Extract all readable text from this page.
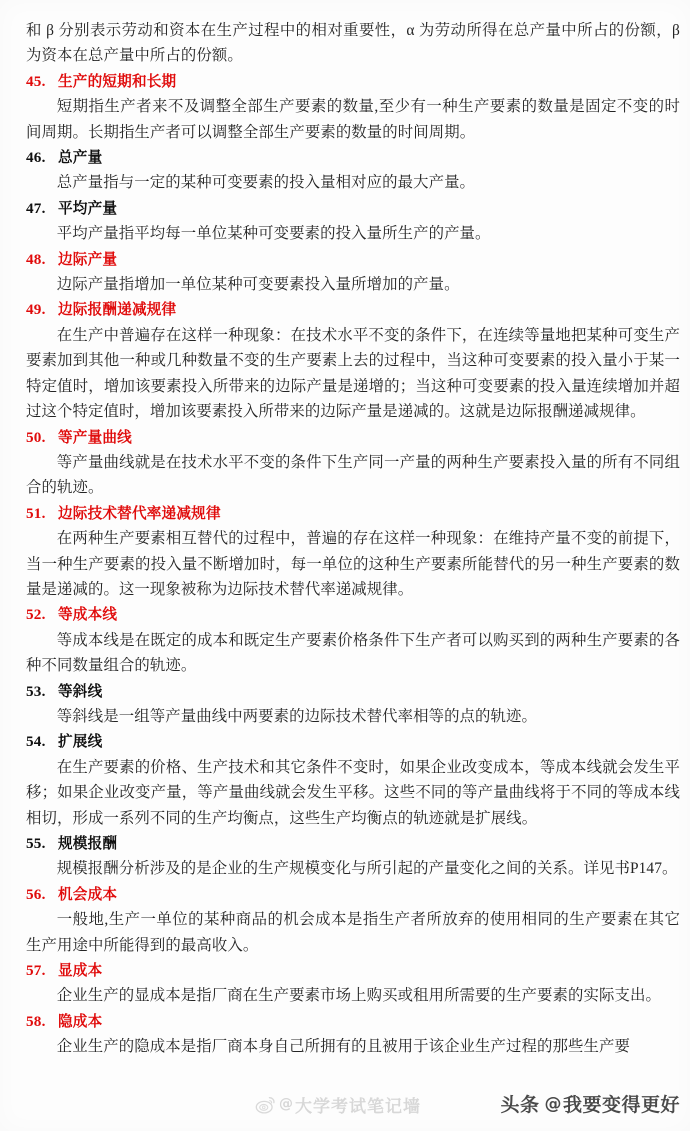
和 β 分别表示劳动和资本在生产过程中的相对重要性，α 为劳动所得在总产量中所占的份额，β 为资本在总产量中所占的份额。

45. 生产的短期和长期

短期指生产者来不及调整全部生产要素的数量,至少有一种生产要素的数量是固定不变的时间周期。长期指生产者可以调整全部生产要素的数量的时间周期。

46. 总产量

总产量指与一定的某种可变要素的投入量相对应的最大产量。

47. 平均产量

平均产量指平均每一单位某种可变要素的投入量所生产的产量。

48. 边际产量

边际产量指增加一单位某种可变要素投入量所增加的产量。

49. 边际报酬递减规律

在生产中普遍存在这样一种现象：在技术水平不变的条件下，在连续等量地把某种可变生产要素加到其他一种或几种数量不变的生产要素上去的过程中，当这种可变要素的投入量小于某一特定值时，增加该要素投入所带来的边际产量是递增的；当这种可变要素的投入量连续增加并超过这个特定值时，增加该要素投入所带来的边际产量是递减的。这就是边际报酬递减规律。

50. 等产量曲线

等产量曲线就是在技术水平不变的条件下生产同一产量的两种生产要素投入量的所有不同组合的轨迹。

51. 边际技术替代率递减规律

在两种生产要素相互替代的过程中，普遍的存在这样一种现象：在维持产量不变的前提下，当一种生产要素的投入量不断增加时，每一单位的这种生产要素所能替代的另一种生产要素的数量是递减的。这一现象被称为边际技术替代率递减规律。

52. 等成本线

等成本线是在既定的成本和既定生产要素价格条件下生产者可以购买到的两种生产要素的各种不同数量组合的轨迹。

53. 等斜线

等斜线是一组等产量曲线中两要素的边际技术替代率相等的点的轨迹。

54. 扩展线

在生产要素的价格、生产技术和其它条件不变时，如果企业改变成本，等成本线就会发生平移；如果企业改变产量，等产量曲线就会发生平移。这些不同的等产量曲线将于不同的等成本线相切，形成一系列不同的生产均衡点，这些生产均衡点的轨迹就是扩展线。

55. 规模报酬

规模报酬分析涉及的是企业的生产规模变化与所引起的产量变化之间的关系。详见书P147。

56. 机会成本

一般地,生产一单位的某种商品的机会成本是指生产者所放弃的使用相同的生产要素在其它生产用途中所能得到的最高收入。

57. 显成本

企业生产的显成本是指厂商在生产要素市场上购买或租用所需要的生产要素的实际支出。

58. 隐成本

企业生产的隐成本是指厂商本身自己所拥有的且被用于该企业生产过程的那些生产要

@ 大学考试笔记墙	头条 @ 我要变得更好
